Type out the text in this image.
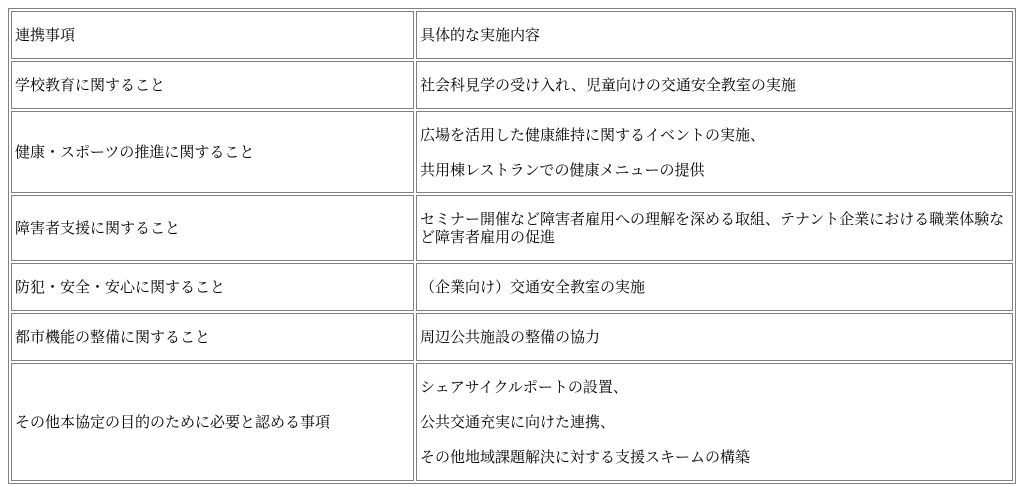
連携事項	具体的な実施内容
学校教育に関すること	社会科見学の受け入れ、児童向けの交通安全教室の実施

健康・スポーツの推進に関すること	広場を活用した健康維持に関するイベントの実施、

共用棟レストランでの健康メニューの提供

障害者支援に関すること	セミナー開催など障害者雇用への理解を深める取組、テナント企業における職業体験など障害者雇用の促進

防犯・安全・安心に関すること	（企業向け）交通安全教室の実施

都市機能の整備に関すること	周辺公共施設の整備の協力

その他本協定の目的のために必要と認める事項	シェアサイクルポートの設置、

公共交通充実に向けた連携、

その他地域課題解決に対する支援スキームの構築
